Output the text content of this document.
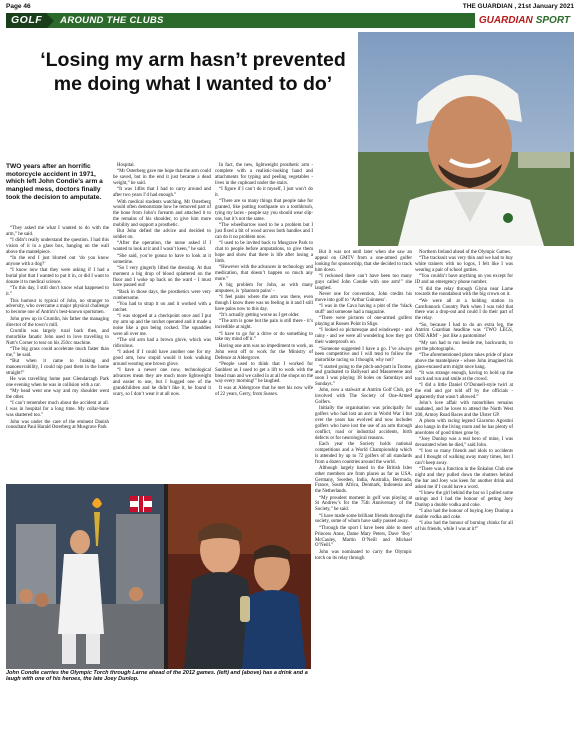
Page 46	THE GUARDIAN , 21st January 2021
GOLF	AROUND THE CLUBS	GUARDIAN SPORT
‘Losing my arm hasn’t prevented me doing what I wanted to do’
TWO years after an horrific motorcycle accident in 1971, which left John Condie’s arm a mangled mess, doctors finally took the decision to amputate.

“They asked me what I wanted to do with the arm,” he said.

“I didn’t really understand the question. I had this vision of it in a glass box, hanging on the wall above the mantelpiece.

“In the end I just blurted out ‘do you know anyone with a dog?’

“I know now that they were asking if I had a burial plot that I wanted to put it in, or did I want to donate it to medical science.

“To this day, I still don’t know what happened to it.”

This humour is typical of John, no stranger to adversity, who overcame a major physical challenge to become one of Antrim’s best-known sportsmen.

John grew up in Crumlin, his father the managing director of the town’s mill.

Crumlin was largely rural back then, and motorbike fanatic John used to love travelling to Nutt’s Corner to tear on his 250cc machine.

“The big grass could accelerate much faster than me,” he said.

“But when it came to braking and manoeuvrability, I could nip past them in the home straight!”

He was travelling home past Glendarragh Park one evening when he was in collision with a car.

“My head went one way and my shoulder went the other.

“I can’t remember much about the accident at all. I was in hospital for a long time. My collar-bone was shattered too.”

John was under the care of the eminent Danish consultant Paul Harald Osterberg at Musgrave Park

Hospital.

“Mr Osterberg gave me hope that the arm could be saved, but in the end it just became a dead weight,” he said.

“It was 14lbs that I had to carry around and after two years I’d had enough.”

With medical students watching, Mr Osterberg would often demonstrate how he removed part of the bone from John’s forearm and attached it to the remains of his shoulder, to give him more mobility and support a prosthetic.

But John defied the advice and decided to soldier on.

“After the operation, the nurse asked if I wanted to look at it and I wasn’t keen,” he said.

“She said, you’re gonna to have to look at it sometime.

“So I very gingerly lifted the dressing. At that moment a big drop of blood splattered on the floor and I woke up back on the ward - I must have passed out!

“Back in those days, the prosthetics were very cumbersome.

“You had to strap it on and it worked with a ratchet.

“I was stopped at a checkpoint once and I put my arm up and the ratchet operated and it made a noise like a gun being cocked. The squaddies were all over me.

“The old arm had a brown glove, which was ridiculous.

“I asked if I could have another one for my good arm, how stupid would it look walking around wearing one brown glove.

“I have a newer one now, technological advances mean they are much more lightweight and easier to use, but I hugged one of the grandchildren and he didn’t like it, he found it scary, so I don’t wear it at all now.

In fact, the new, lightweight prosthetic arm - complete with a realistic-looking hand and attachments for typing and peeling vegetables - lives in the cupboard under the stairs.

“I figure if I can’t do it myself, I just won’t do it.

“There are so many things that people take for granted, like putting toothpaste on a toothbrush, tying my laces - people say you should wear slip-ons, but it’s not the same.

“The wheelbarrow used to be a problem but I just fixed a bit of wood across both handles and I can do it no problem now.

“I used to be invited back to Musgrave Park to chat to people before amputations, to give them hope and show that there is life after losing a limb.

“However with the advances in technology and medication, that doesn’t happen so much any more.”

A big problem for John, as with many amputees, is ‘phantom pains’ -

“I feel pains where the arm was there, even though I know there was no feeling in it and I still have pains now to this day.

“It’s actually getting worse as I get older.

“The arm is gone but the pain is still there - it’s incredible at night.

“I have to go for a drive or do something to take my mind off it.”

Having one arm was no impediment to work, as John went off to work for the Ministry of Defence at Aldergrove.

“People used to think that I worked for Sunblest as I used to get a lift to work with the bread man and we called in at all the shops on the way every morning!” he laughed.

It was at Aldergrove that he met his now wife of 22 years, Gerry, from Sussex.

But it was not until later when she saw an appeal on GMTV from a one-armed golfer looking for sponsorship, that she decided to track him down.

“I reckoned there can’t have been too many guys called John Condie with one arm!” she laughed.

Never one for convention, John credits his move into golf to ‘Arthur Guinness’.

“I was in the Cava having a pint of the ‘black stuff’ and someone had a magazine.

“There were pictures of one-armed golfers playing at Rosses Point in Sligo.

“I looked so picturesque and windswept - and rainy - and we were all wondering how they got their waterproofs on.

“Someone suggested I have a go. I’ve always been competitive and I will tend to follow the motorbike racing so I thought, why not?

“I started going to the pitch-and-putt in Toome, and graduated to Ballyearl and Massereene and soon I was playing 18 holes on Saturdays and Sundays.”

John, now a stalwart at Antrim Golf Club, got involved with The Society of One-Armed Golfers.

Initially the organisation was principally for golfers who had lost an arm in World War I but over the years has evolved and now includes golfers who have lost the use of an arm through conflict, road or industrial accidents, birth defects or for neurological reasons.

Each year the Society holds national competitions and a World Championship which is attended by up to 72 golfers of all standards from a dozen countries around the world.

Although largely based in the British Isles other members are from places as far as USA, Germany, Sweden, India, Australia, Bermuda, France, South Africa, Denmark, Indonesia and the Netherlands.

“My proudest moment in golf was playing at St Andrew’s for the 75th Anniversary of the Society,” he said.

“I have made some brilliant friends through the society, some of whom have sadly passed away.

“Through the sport I have been able to meet Princess Anne, Dame Mary Peters, Dave ‘Boy’ McCauley, Martin O’Neill and Michael O’Neill.”

John was nominated to carry the Olympic torch on its relay through

Northern Ireland ahead of the Olympic Games.

“The tracksuit was very thin and we had to buy white trainers with no logos, I felt like I was wearing a pair of school gutties.

“You couldn’t have anything on you except for ID and an emergency phone number.

“I did the relay through Glynn near Larne towards the roundabout with the big crown on it.

“We were all at a holding station in Carnfunnock Country Park when I was told that there was a drop-out and could I do their part of the relay.

“So, because I had to do an extra leg, the Antrim Guardian headline was ‘TWO LEGS, ONE ARM’ - just like a pantomime!

“My son had to run beside me, backwards, to get the photographs.

“The aforementioned photo takes pride of place above the mantelpiece - where John imagined his glass-encased arm might once hang.

“It was strange enough, having to hold up the torch and run and smile at the crowd.

“I did a little Daniel O’Donnell-style twirl at the end and got told off by the officials - apparently that wasn’t allowed.”

John’s love affair with motorbikes remains unabated, and he loves to attend the North West 200, Armoy Road Races and the Ulster GP.

A photo with racing legend Giacomo Agostini also hangs in the living room and he has plenty of anecdotes of good times gone by.

“Joey Dunlop was a real hero of mine, I was devastated when he died,” said John.

“I lost so many friends and idols to accidents and I thought of walking away many times, but I can’t keep away.

“There was a function in the Enkalon Club one night and they pulled down the shutters behind the bar and Joey was keen for another drink and asked me if I could have a word.

“I knew the girl behind the bar so I pulled some strings and I had the honour of getting Joey Dunlop a double vodka and coke.

“I also had the honour of buying Joey Dunlop a double vodka and coke.

“I also had the honour of burning chinks for all of his friends, while I was at it!”

John Condie carries the Olympic Torch through Larne ahead of the 2012 games. (left) and (above) has a drink and a laugh with one of his heroes, the late Joey Dunlop.
